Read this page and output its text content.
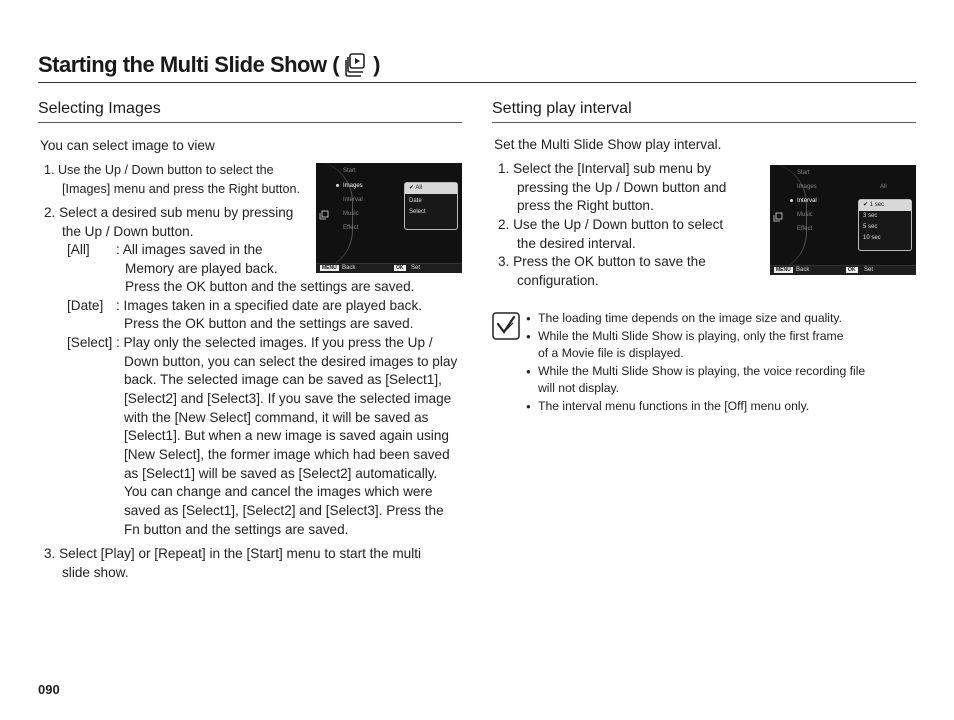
Starting the Multi Slide Show ( )
Selecting Images
You can select image to view
1. Use the Up / Down button to select the
[Images] menu and press the Right button.
2. Select a desired sub menu by pressing
the Up / Down button.
[All] : All images saved in the
Memory are played back.
Press the OK button and the settings are saved.
[Date] : Images taken in a specified date are played back.
Press the OK button and the settings are saved.
[Select] : Play only the selected images. If you press the Up /
Down button, you can select the desired images to play
back. The selected image can be saved as [Select1],
[Select2] and [Select3]. If you save the selected image
with the [New Select] command, it will be saved as
[Select1]. But when a new image is saved again using
[New Select], the former image which had been saved
as [Select1] will be saved as [Select2] automatically.
You can change and cancel the images which were
saved as [Select1], [Select2] and [Select3]. Press the
Fn button and the settings are saved.
3. Select [Play] or [Repeat] in the [Start] menu to start the multi
slide show.
Start
Images
Interval
Music
Effect
✔ All
Date
Select
MENU Back	OK	Set
Setting play interval
Set the Multi Slide Show play interval.
1. Select the [Interval] sub menu by
pressing the Up / Down button and
press the Right button.
2. Use the Up / Down button to select
the desired interval.
3. Press the OK button to save the
configuration.
Start
Images	All
Interval
Music
Effect
✔ 1 sec
3 sec
5 sec
10 sec
MENU Back	OK	Set
● The loading time depends on the image size and quality.
● While the Multi Slide Show is playing, only the first frame
of a Movie file is displayed.
● While the Multi Slide Show is playing, the voice recording file
will not display.
● The interval menu functions in the [Off] menu only.
090
